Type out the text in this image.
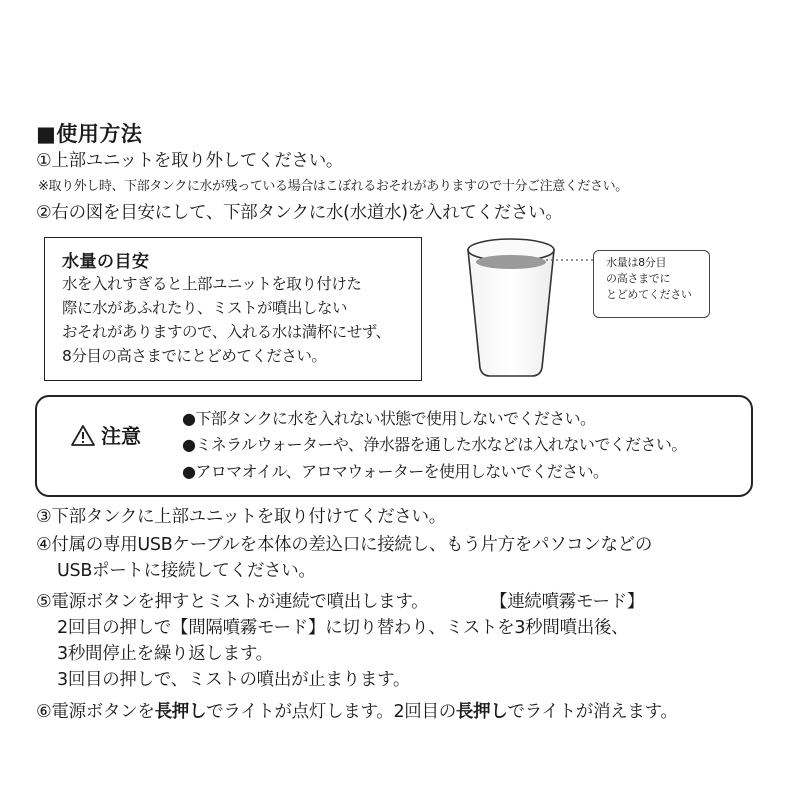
■使用方法
①上部ユニットを取り外してください。
※取り外し時、下部タンクに水が残っている場合はこぼれるおそれがありますので十分ご注意ください。
②右の図を目安にして、下部タンクに水(水道水)を入れてください。
水量の目安
水を入れすぎると上部ユニットを取り付けた
際に水があふれたり、ミストが噴出しない
おそれがありますので、入れる水は満杯にせず、
8分目の高さまでにとどめてください。
水量は8分目
の高さまでに
とどめてください
注意
●下部タンクに水を入れない状態で使用しないでください。
●ミネラルウォーターや、浄水器を通した水などは入れないでください。
●アロマオイル、アロマウォーターを使用しないでください。
③下部タンクに上部ユニットを取り付けてください。
④付属の専用USBケーブルを本体の差込口に接続し、もう片方をパソコンなどの
USBポートに接続してください。
⑤電源ボタンを押すとミストが連続で噴出します。	【連続噴霧モード】
2回目の押しで【間隔噴霧モード】に切り替わり、ミストを3秒間噴出後、
3秒間停止を繰り返します。
3回目の押しで、ミストの噴出が止まります。
⑥電源ボタンを長押しでライトが点灯します。2回目の長押しでライトが消えます。
